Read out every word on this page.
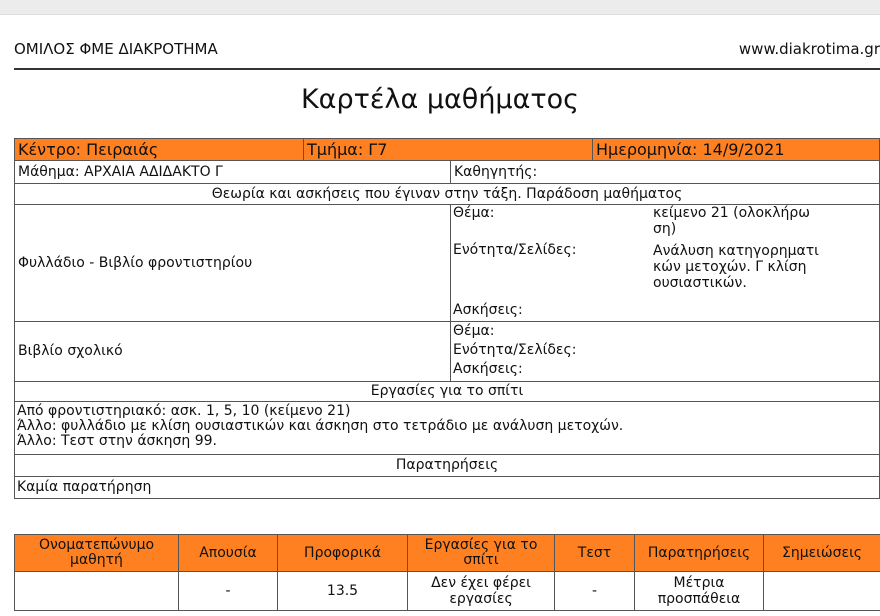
ΟΜΙΛΟΣ ΦΜΕ ΔΙΑΚΡΟΤΗΜΑ	www.diakrotima.gr
Καρτέλα μαθήματος
Κέντρο: Πειραιάς	Τμήμα: Γ7	Ημερομηνία: 14/9/2021
Μάθημα: ΑΡΧΑΙΑ ΑΔΙΔΑΚΤΟ Γ	Καθηγητής:
Θεωρία και ασκήσεις που έγιναν στην τάξη. Παράδοση μαθήματος
Φυλλάδιο - Βιβλίο φροντιστηρίου
Θέμα:	κείμενο 21 (ολοκλήρω
ση)
Ενότητα/Σελίδες:	Ανάλυση κατηγορηματι
κών μετοχών. Γ κλίση
ουσιαστικών.
Ασκήσεις:
Βιβλίο σχολικό
Θέμα:
Ενότητα/Σελίδες:
Ασκήσεις:
Εργασίες για το σπίτι
Από φροντιστηριακό: ασκ. 1, 5, 10 (κείμενο 21)
Άλλο: φυλλάδιο με κλίση ουσιαστικών και άσκηση στο τετράδιο με ανάλυση μετοχών.
Άλλο: Τεστ στην άσκηση 99.
Παρατηρήσεις
Καμία παρατήρηση
Ονοματεπώνυμο μαθητή	Απουσία	Προφορικά	Εργασίες για το σπίτι	Τεστ	Παρατηρήσεις	Σημειώσεις
	-	13.5	Δεν έχει φέρει εργασίες	-	Μέτρια προσπάθεια	
